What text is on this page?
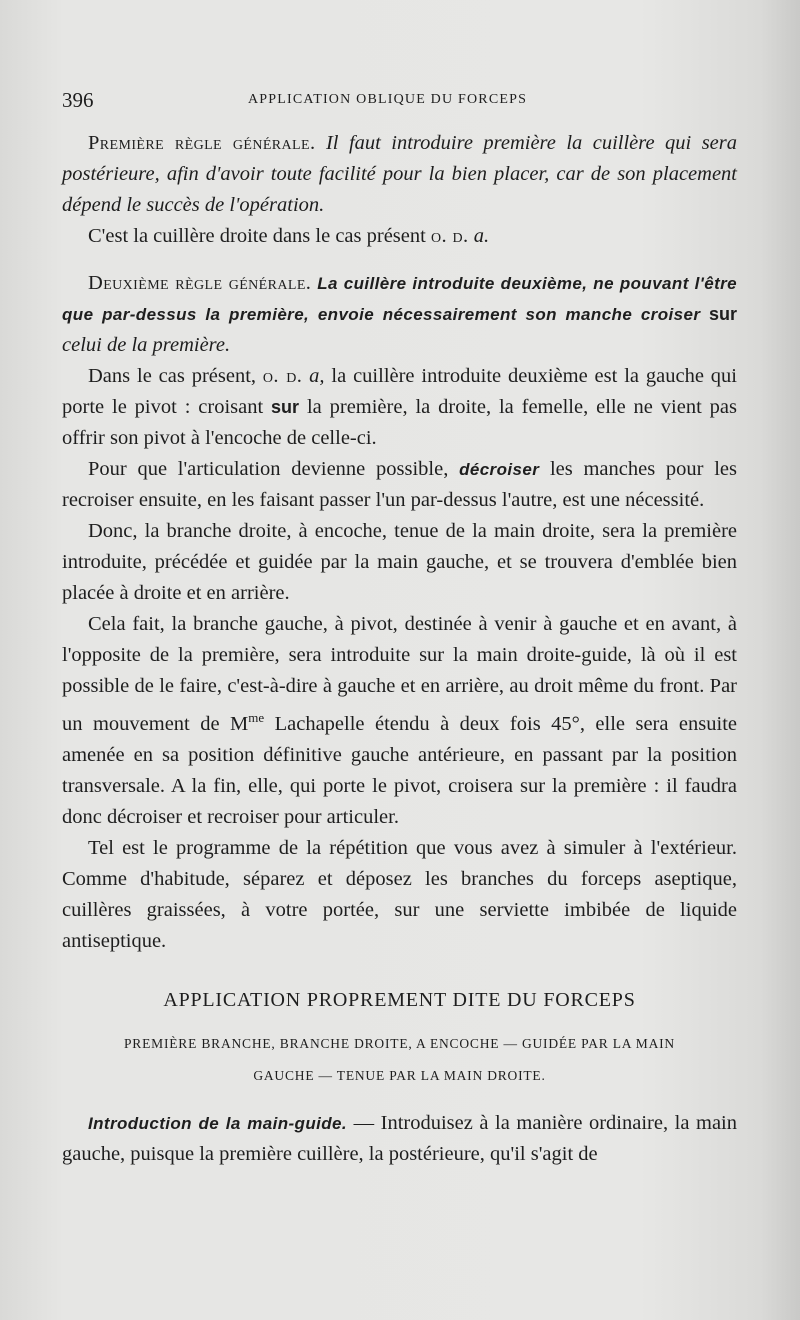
396	APPLICATION OBLIQUE DU FORCEPS

Première règle générale. Il faut introduire première la cuillère qui sera postérieure, afin d'avoir toute facilité pour la bien placer, car de son placement dépend le succès de l'opération.

C'est la cuillère droite dans le cas présent o. d. a.

Deuxième règle générale. La cuillère introduite deuxième, ne pouvant l'être que par-dessus la première, envoie nécessairement son manche croiser sur celui de la première.

Dans le cas présent, o. d. a, la cuillère introduite deuxième est la gauche qui porte le pivot : croisant sur la première, la droite, la femelle, elle ne vient pas offrir son pivot à l'encoche de celle-ci.

Pour que l'articulation devienne possible, décroiser les manches pour les recroiser ensuite, en les faisant passer l'un par-dessus l'autre, est une nécessité.

Donc, la branche droite, à encoche, tenue de la main droite, sera la première introduite, précédée et guidée par la main gauche, et se trouvera d'emblée bien placée à droite et en arrière.

Cela fait, la branche gauche, à pivot, destinée à venir à gauche et en avant, à l'opposite de la première, sera introduite sur la main droite-guide, là où il est possible de le faire, c'est-à-dire à gauche et en arrière, au droit même du front. Par un mouvement de $M^{me}$ Lachapelle étendu à deux fois 45°, elle sera ensuite amenée en sa position définitive gauche antérieure, en passant par la position transversale. A la fin, elle, qui porte le pivot, croisera sur la première : il faudra donc décroiser et recroiser pour articuler.

Tel est le programme de la répétition que vous avez à simuler à l'extérieur. Comme d'habitude, séparez et déposez les branches du forceps aseptique, cuillères graissées, à votre portée, sur une serviette imbibée de liquide antiseptique.

APPLICATION PROPREMENT DITE DU FORCEPS
PREMIÈRE BRANCHE, BRANCHE DROITE, A ENCOCHE — GUIDÉE PAR LA MAIN
GAUCHE — TENUE PAR LA MAIN DROITE.

Introduction de la main-guide. — Introduisez à la manière ordinaire, la main gauche, puisque la première cuillère, la postérieure, qu'il s'agit de
